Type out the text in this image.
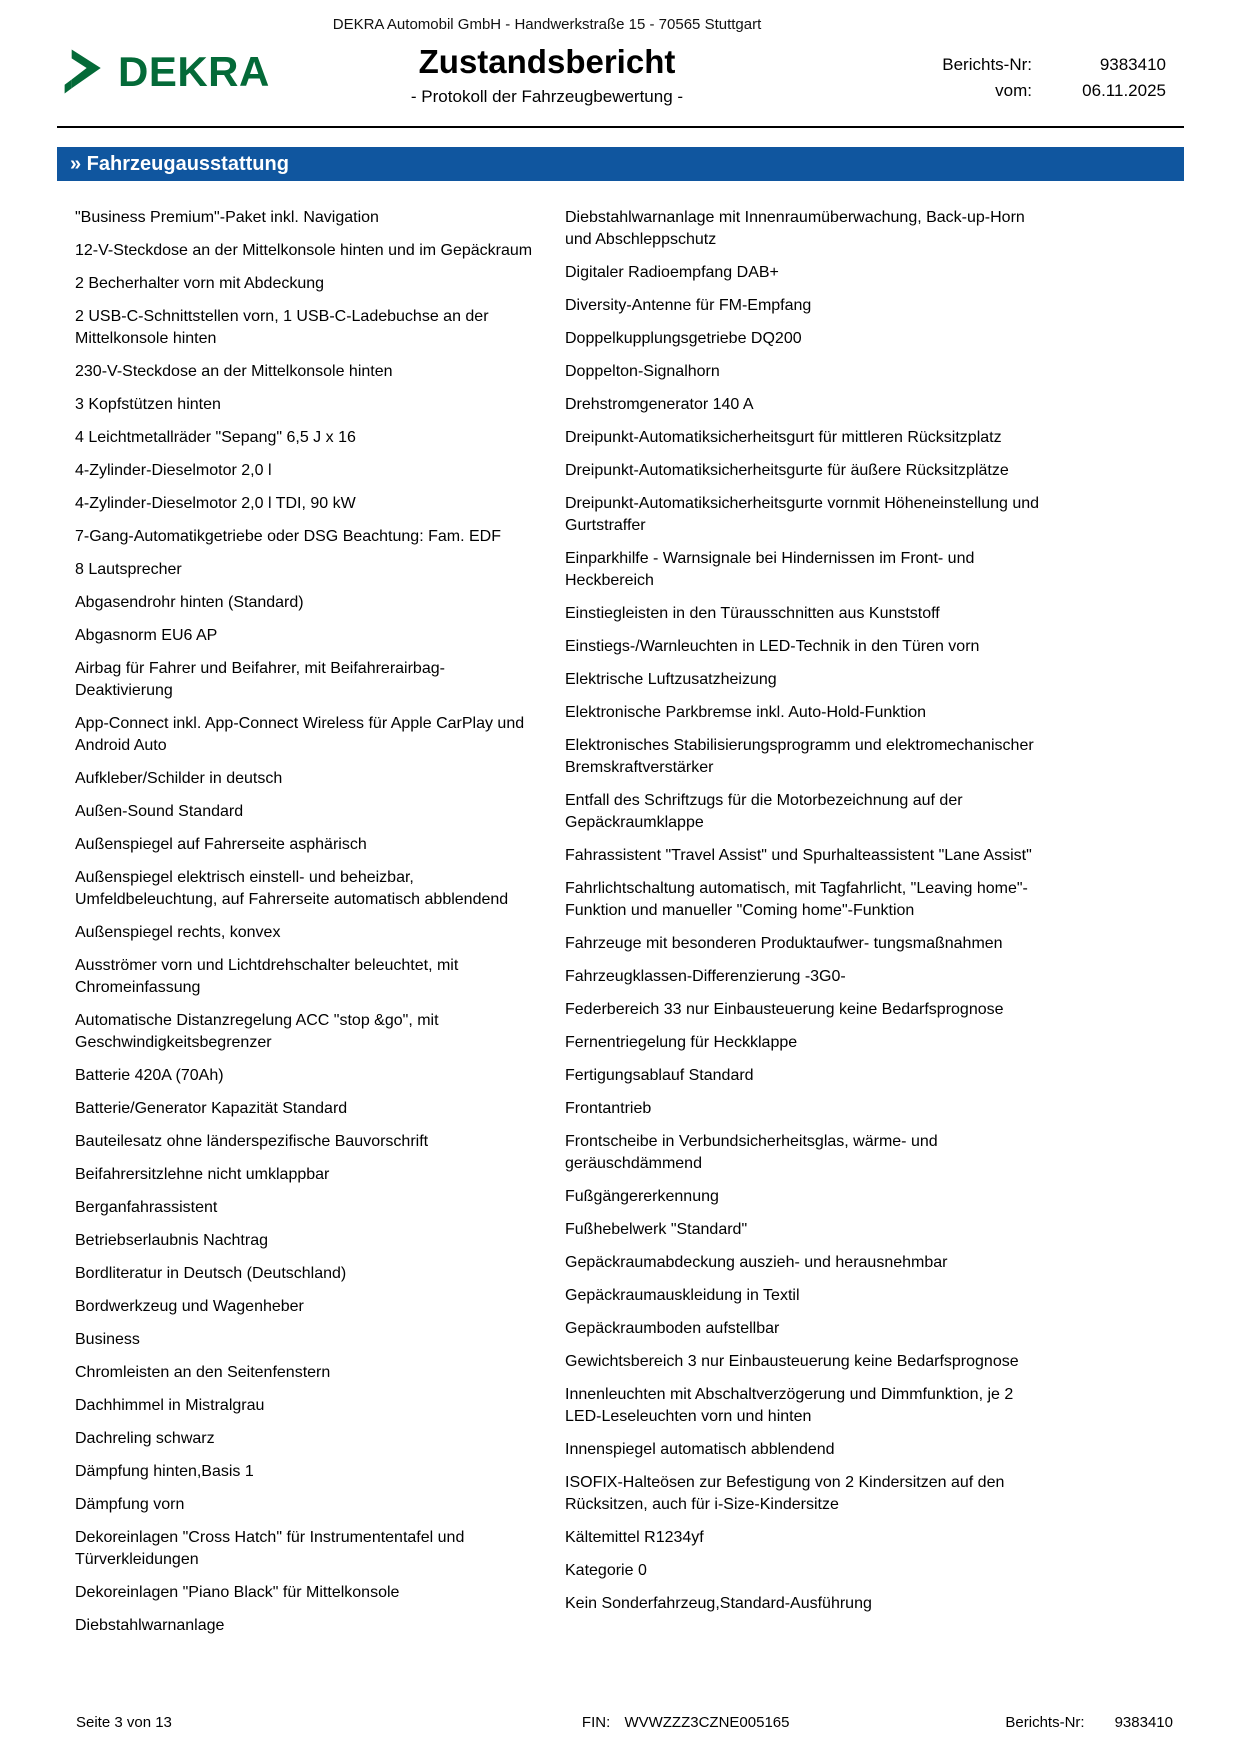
DEKRA Automobil GmbH - Handwerkstraße 15 - 70565 Stuttgart
DEKRA	Zustandsbericht
- Protokoll der Fahrzeugbewertung -
Berichts-Nr:	9383410
vom:	06.11.2025
» Fahrzeugausstattung
"Business Premium"-Paket inkl. Navigation
12-V-Steckdose an der Mittelkonsole hinten und im Gepäckraum
2 Becherhalter vorn mit Abdeckung
2 USB-C-Schnittstellen vorn, 1 USB-C-Ladebuchse an der Mittelkonsole hinten
230-V-Steckdose an der Mittelkonsole hinten
3 Kopfstützen hinten
4 Leichtmetallräder "Sepang" 6,5 J x 16
4-Zylinder-Dieselmotor 2,0 l
4-Zylinder-Dieselmotor 2,0 l TDI, 90 kW
7-Gang-Automatikgetriebe oder DSG Beachtung: Fam. EDF
8 Lautsprecher
Abgasendrohr hinten (Standard)
Abgasnorm EU6 AP
Airbag für Fahrer und Beifahrer, mit Beifahrerairbag-Deaktivierung
App-Connect inkl. App-Connect Wireless für Apple CarPlay und Android Auto
Aufkleber/Schilder in deutsch
Außen-Sound Standard
Außenspiegel auf Fahrerseite asphärisch
Außenspiegel elektrisch einstell- und beheizbar, Umfeldbeleuchtung, auf Fahrerseite automatisch abblendend
Außenspiegel rechts, konvex
Ausströmer vorn und Lichtdrehschalter beleuchtet, mit Chromeinfassung
Automatische Distanzregelung ACC "stop &go", mit Geschwindigkeitsbegrenzer
Batterie 420A (70Ah)
Batterie/Generator Kapazität Standard
Bauteilesatz ohne länderspezifische Bauvorschrift
Beifahrersitzlehne nicht umklappbar
Berganfahrassistent
Betriebserlaubnis Nachtrag
Bordliteratur in Deutsch (Deutschland)
Bordwerkzeug und Wagenheber
Business
Chromleisten an den Seitenfenstern
Dachhimmel in Mistralgrau
Dachreling schwarz
Dämpfung hinten,Basis 1
Dämpfung vorn
Dekoreinlagen "Cross Hatch" für Instrumententafel und Türverkleidungen
Dekoreinlagen "Piano Black" für Mittelkonsole
Diebstahlwarnanlage
Diebstahlwarnanlage mit Innenraumüberwachung, Back-up-Horn und Abschleppschutz
Digitaler Radioempfang DAB+
Diversity-Antenne für FM-Empfang
Doppelkupplungsgetriebe DQ200
Doppelton-Signalhorn
Drehstromgenerator 140 A
Dreipunkt-Automatiksicherheitsgurt für mittleren Rücksitzplatz
Dreipunkt-Automatiksicherheitsgurte für äußere Rücksitzplätze
Dreipunkt-Automatiksicherheitsgurte vornmit Höheneinstellung und Gurtstraffer
Einparkhilfe - Warnsignale bei Hindernissen im Front- und Heckbereich
Einstiegleisten in den Türausschnitten aus Kunststoff
Einstiegs-/Warnleuchten in LED-Technik in den Türen vorn
Elektrische Luftzusatzheizung
Elektronische Parkbremse inkl. Auto-Hold-Funktion
Elektronisches Stabilisierungsprogramm und elektromechanischer Bremskraftverstärker
Entfall des Schriftzugs für die Motorbezeichnung auf der Gepäckraumklappe
Fahrassistent "Travel Assist" und Spurhalteassistent "Lane Assist"
Fahrlichtschaltung automatisch, mit Tagfahrlicht, "Leaving home"-Funktion und manueller "Coming home"-Funktion
Fahrzeuge mit besonderen Produktaufwer- tungsmaßnahmen
Fahrzeugklassen-Differenzierung -3G0-
Federbereich 33 nur Einbausteuerung keine Bedarfsprognose
Fernentriegelung für Heckklappe
Fertigungsablauf Standard
Frontantrieb
Frontscheibe in Verbundsicherheitsglas, wärme- und geräuschdämmend
Fußgängererkennung
Fußhebelwerk "Standard"
Gepäckraumabdeckung auszieh- und herausnehmbar
Gepäckraumauskleidung in Textil
Gepäckraumboden aufstellbar
Gewichtsbereich 3 nur Einbausteuerung keine Bedarfsprognose
Innenleuchten mit Abschaltverzögerung und Dimmfunktion, je 2 LED-Leseleuchten vorn und hinten
Innenspiegel automatisch abblendend
ISOFIX-Halteösen zur Befestigung von 2 Kindersitzen auf den Rücksitzen, auch für i-Size-Kindersitze
Kältemittel R1234yf
Kategorie 0
Kein Sonderfahrzeug,Standard-Ausführung
Seite 3 von 13	FIN: WVWZZZ3CZNE005165	Berichts-Nr: 9383410
